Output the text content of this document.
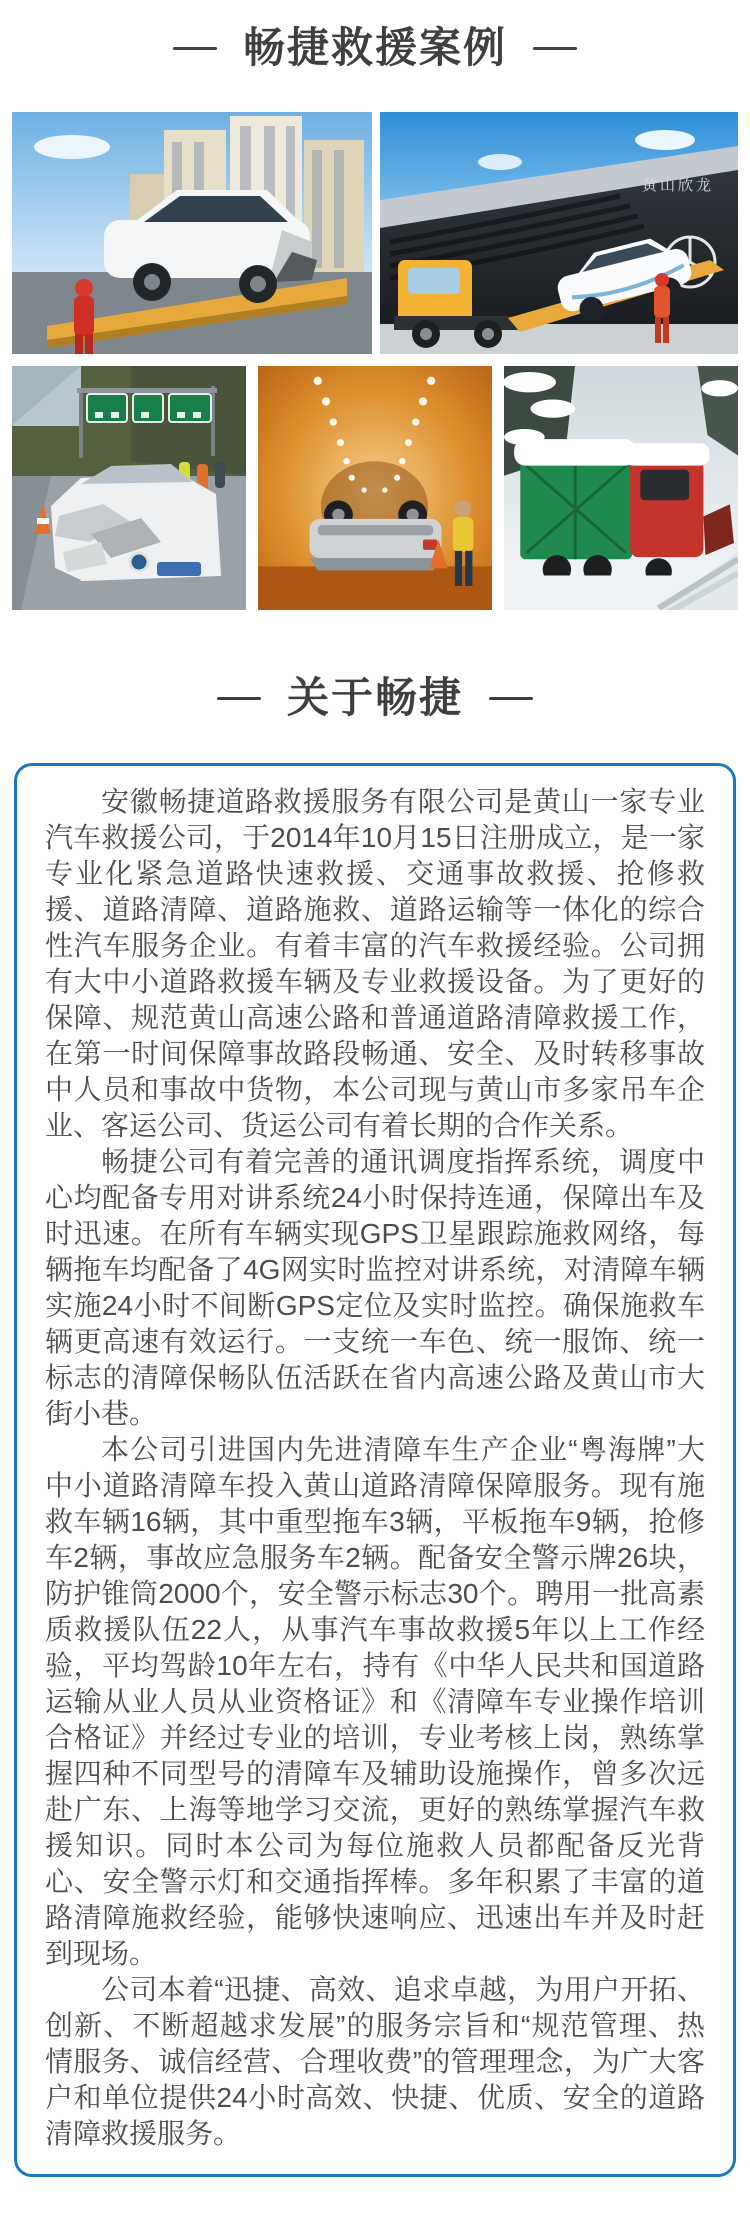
畅捷救援案例
黄山欣龙
关于畅捷

安徽畅捷道路救援服务有限公司是黄山一家专业汽车救援公司，于2014年10月15日注册成立，是一家专业化紧急道路快速救援、交通事故救援、抢修救援、道路清障、道路施救、道路运输等一体化的综合性汽车服务企业。有着丰富的汽车救援经验。公司拥有大中小道路救援车辆及专业救援设备。为了更好的保障、规范黄山高速公路和普通道路清障救援工作，在第一时间保障事故路段畅通、安全、及时转移事故中人员和事故中货物，本公司现与黄山市多家吊车企业、客运公司、货运公司有着长期的合作关系。

畅捷公司有着完善的通讯调度指挥系统，调度中心均配备专用对讲系统24小时保持连通，保障出车及时迅速。在所有车辆实现GPS卫星跟踪施救网络，每辆拖车均配备了4G网实时监控对讲系统，对清障车辆实施24小时不间断GPS定位及实时监控。确保施救车辆更高速有效运行。一支统一车色、统一服饰、统一标志的清障保畅队伍活跃在省内高速公路及黄山市大街小巷。

本公司引进国内先进清障车生产企业“粤海牌”大中小道路清障车投入黄山道路清障保障服务。现有施救车辆16辆，其中重型拖车3辆，平板拖车9辆，抢修车2辆，事故应急服务车2辆。配备安全警示牌26块，防护锥筒2000个，安全警示标志30个。聘用一批高素质救援队伍22人，从事汽车事故救援5年以上工作经验，平均驾龄10年左右，持有《中华人民共和国道路运输从业人员从业资格证》和《清障车专业操作培训合格证》并经过专业的培训，专业考核上岗，熟练掌握四种不同型号的清障车及辅助设施操作，曾多次远赴广东、上海等地学习交流，更好的熟练掌握汽车救援知识。同时本公司为每位施救人员都配备反光背心、安全警示灯和交通指挥棒。多年积累了丰富的道路清障施救经验，能够快速响应、迅速出车并及时赶到现场。

公司本着“迅捷、高效、追求卓越，为用户开拓、创新、不断超越求发展”的服务宗旨和“规范管理、热情服务、诚信经营、合理收费”的管理理念，为广大客户和单位提供24小时高效、快捷、优质、安全的道路清障救援服务。
